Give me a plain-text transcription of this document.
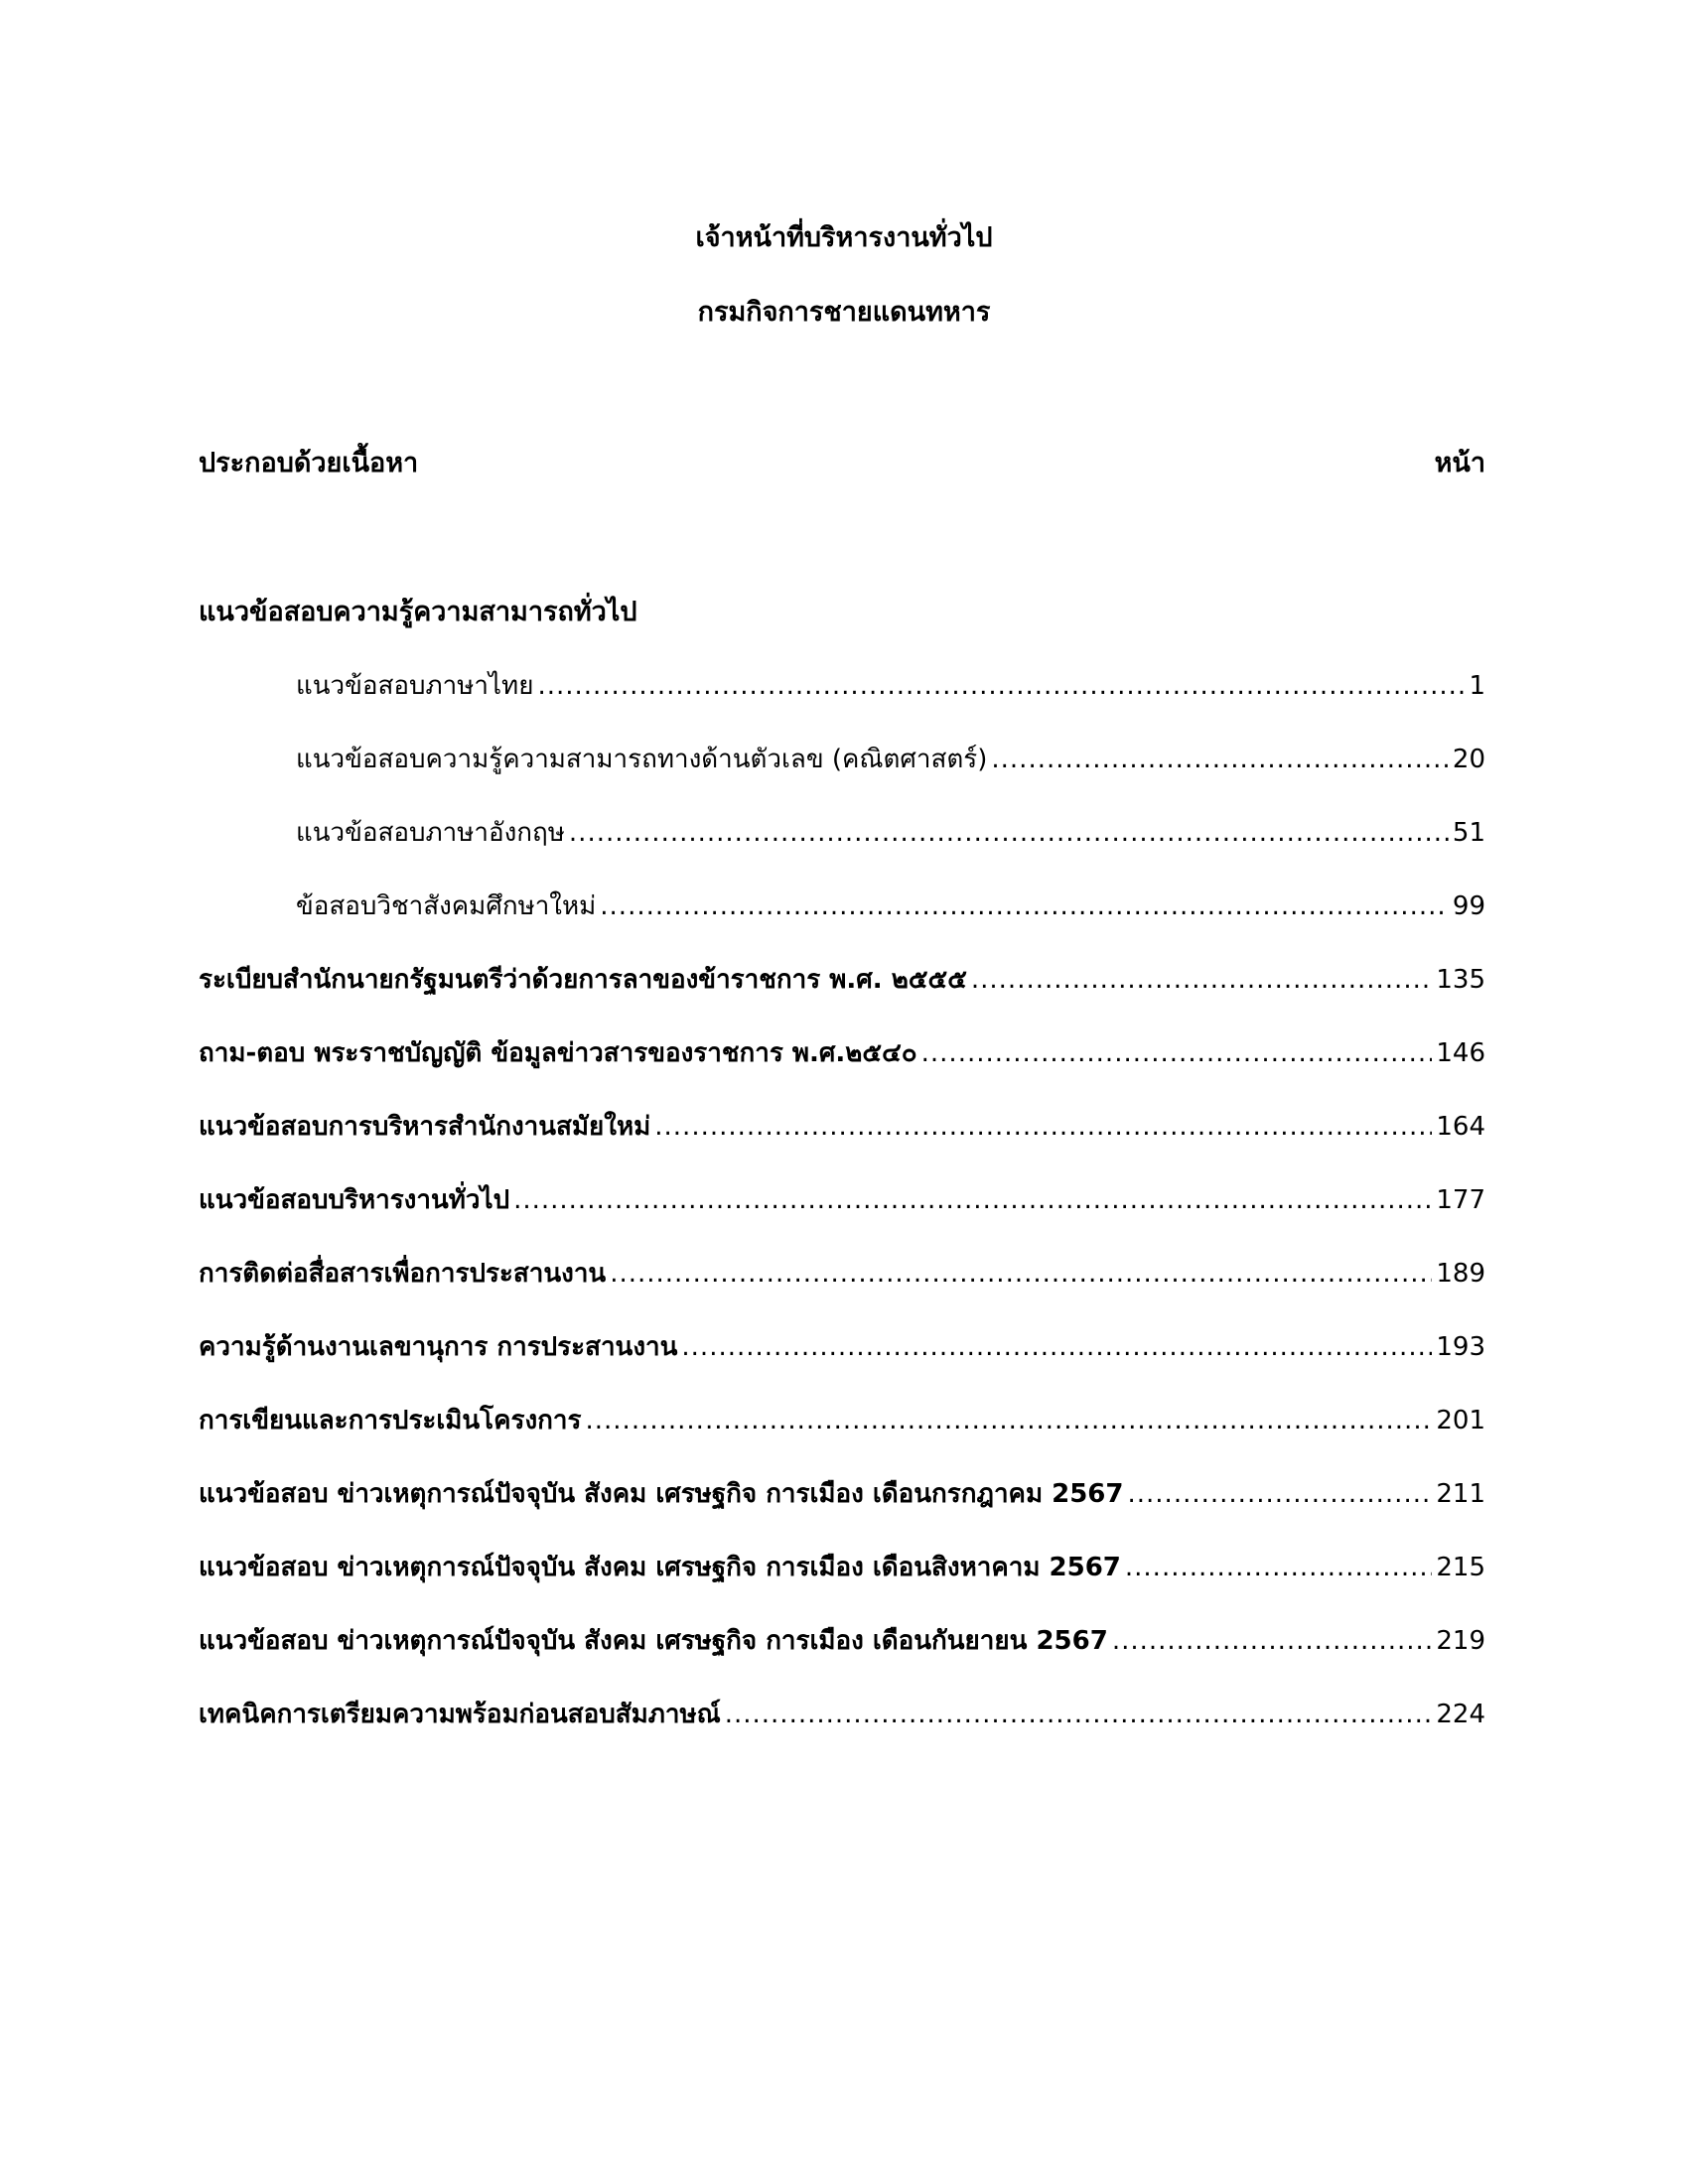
เจ้าหน้าที่บริหารงานทั่วไป
กรมกิจการชายแดนทหาร
ประกอบด้วยเนื้อหา	หน้า
แนวข้อสอบความรู้ความสามารถทั่วไป
แนวข้อสอบภาษาไทย .....	1
แนวข้อสอบความรู้ความสามารถทางด้านตัวเลข (คณิตศาสตร์) .....	20
แนวข้อสอบภาษาอังกฤษ .....	51
ข้อสอบวิชาสังคมศึกษาใหม่ .....	99
ระเบียบสำนักนายกรัฐมนตรีว่าด้วยการลาของข้าราชการ พ.ศ. ๒๕๕๕ .....	135
ถาม-ตอบ พระราชบัญญัติ ข้อมูลข่าวสารของราชการ พ.ศ.๒๕๔๐ .....	146
แนวข้อสอบการบริหารสำนักงานสมัยใหม่ .....	164
แนวข้อสอบบริหารงานทั่วไป .....	177
การติดต่อสื่อสารเพื่อการประสานงาน .....	189
ความรู้ด้านงานเลขานุการ การประสานงาน .....	193
การเขียนและการประเมินโครงการ .....	201
แนวข้อสอบ ข่าวเหตุการณ์ปัจจุบัน สังคม เศรษฐกิจ การเมือง เดือนกรกฎาคม 2567 .....	211
แนวข้อสอบ ข่าวเหตุการณ์ปัจจุบัน สังคม เศรษฐกิจ การเมือง เดือนสิงหาคาม 2567 .....	215
แนวข้อสอบ ข่าวเหตุการณ์ปัจจุบัน สังคม เศรษฐกิจ การเมือง เดือนกันยายน 2567 .....	219
เทคนิคการเตรียมความพร้อมก่อนสอบสัมภาษณ์ .....	224
